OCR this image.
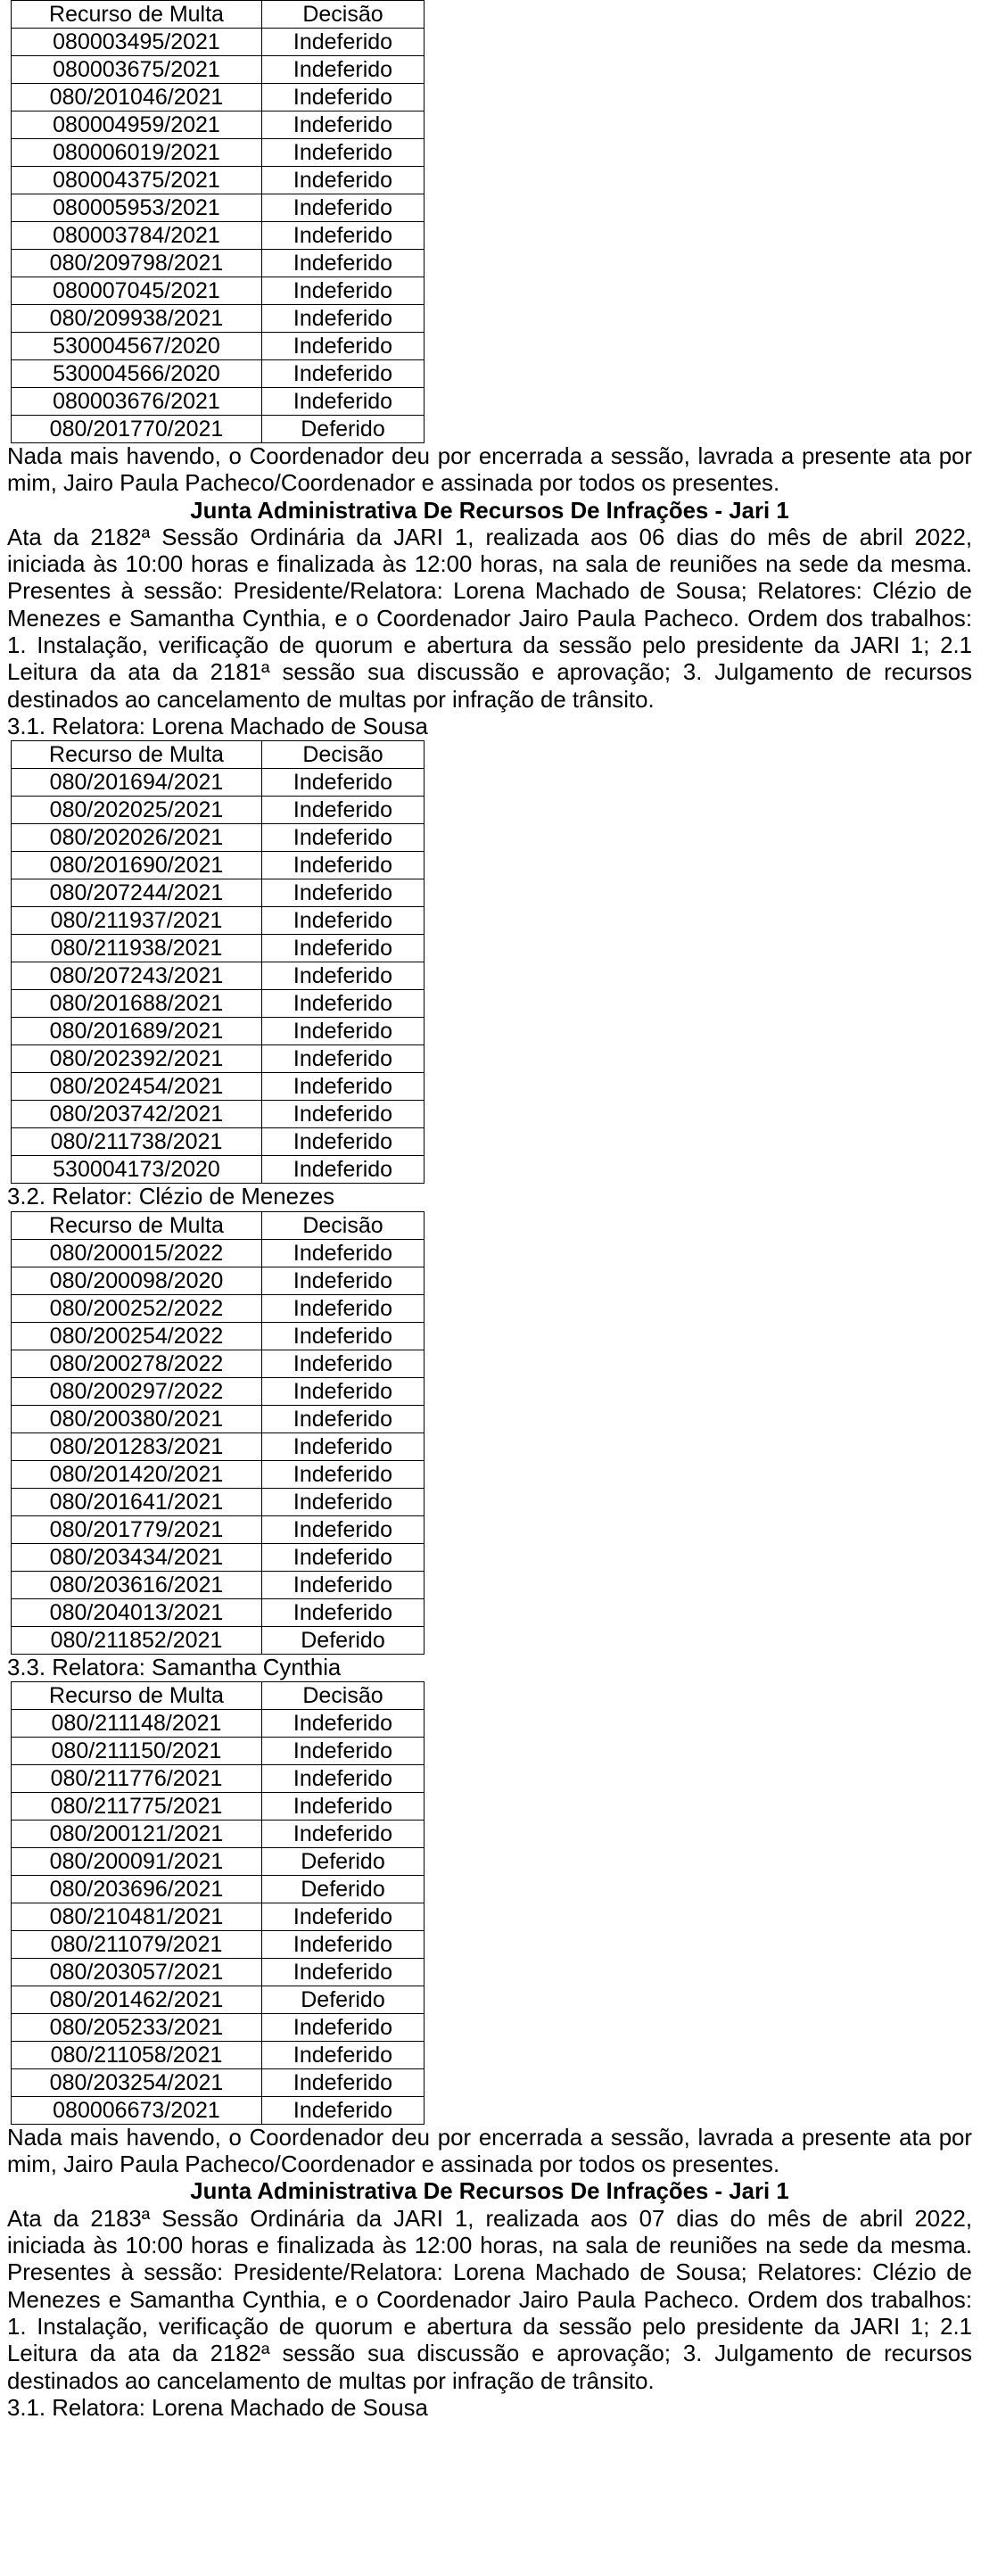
Recurso de Multa	Decisão
080003495/2021	Indeferido
080003675/2021	Indeferido
080/201046/2021	Indeferido
080004959/2021	Indeferido
080006019/2021	Indeferido
080004375/2021	Indeferido
080005953/2021	Indeferido
080003784/2021	Indeferido
080/209798/2021	Indeferido
080007045/2021	Indeferido
080/209938/2021	Indeferido
530004567/2020	Indeferido
530004566/2020	Indeferido
080003676/2021	Indeferido
080/201770/2021	Deferido

Nada mais havendo, o Coordenador deu por encerrada a sessão, lavrada a presente ata por mim, Jairo Paula Pacheco/Coordenador e assinada por todos os presentes.

Junta Administrativa De Recursos De Infrações - Jari 1

Ata da 2182ª Sessão Ordinária da JARI 1, realizada aos 06 dias do mês de abril 2022, iniciada às 10:00 horas e finalizada às 12:00 horas, na sala de reuniões na sede da mesma. Presentes à sessão: Presidente/Relatora: Lorena Machado de Sousa; Relatores: Clézio de Menezes e Samantha Cynthia, e o Coordenador Jairo Paula Pacheco. Ordem dos trabalhos: 1. Instalação, verificação de quorum e abertura da sessão pelo presidente da JARI 1; 2.1 Leitura da ata da 2181ª sessão sua discussão e aprovação; 3. Julgamento de recursos destinados ao cancelamento de multas por infração de trânsito.

3.1. Relatora: Lorena Machado de Sousa
Recurso de Multa	Decisão
080/201694/2021	Indeferido
080/202025/2021	Indeferido
080/202026/2021	Indeferido
080/201690/2021	Indeferido
080/207244/2021	Indeferido
080/211937/2021	Indeferido
080/211938/2021	Indeferido
080/207243/2021	Indeferido
080/201688/2021	Indeferido
080/201689/2021	Indeferido
080/202392/2021	Indeferido
080/202454/2021	Indeferido
080/203742/2021	Indeferido
080/211738/2021	Indeferido
530004173/2020	Indeferido
3.2. Relator: Clézio de Menezes
Recurso de Multa	Decisão
080/200015/2022	Indeferido
080/200098/2020	Indeferido
080/200252/2022	Indeferido
080/200254/2022	Indeferido
080/200278/2022	Indeferido
080/200297/2022	Indeferido
080/200380/2021	Indeferido
080/201283/2021	Indeferido
080/201420/2021	Indeferido
080/201641/2021	Indeferido
080/201779/2021	Indeferido
080/203434/2021	Indeferido
080/203616/2021	Indeferido
080/204013/2021	Indeferido
080/211852/2021	Deferido
3.3. Relatora: Samantha Cynthia
Recurso de Multa	Decisão
080/211148/2021	Indeferido
080/211150/2021	Indeferido
080/211776/2021	Indeferido
080/211775/2021	Indeferido
080/200121/2021	Indeferido
080/200091/2021	Deferido
080/203696/2021	Deferido
080/210481/2021	Indeferido
080/211079/2021	Indeferido
080/203057/2021	Indeferido
080/201462/2021	Deferido
080/205233/2021	Indeferido
080/211058/2021	Indeferido
080/203254/2021	Indeferido
080006673/2021	Indeferido

Nada mais havendo, o Coordenador deu por encerrada a sessão, lavrada a presente ata por mim, Jairo Paula Pacheco/Coordenador e assinada por todos os presentes.

Junta Administrativa De Recursos De Infrações - Jari 1

Ata da 2183ª Sessão Ordinária da JARI 1, realizada aos 07 dias do mês de abril 2022, iniciada às 10:00 horas e finalizada às 12:00 horas, na sala de reuniões na sede da mesma. Presentes à sessão: Presidente/Relatora: Lorena Machado de Sousa; Relatores: Clézio de Menezes e Samantha Cynthia, e o Coordenador Jairo Paula Pacheco. Ordem dos trabalhos: 1. Instalação, verificação de quorum e abertura da sessão pelo presidente da JARI 1; 2.1 Leitura da ata da 2182ª sessão sua discussão e aprovação; 3. Julgamento de recursos destinados ao cancelamento de multas por infração de trânsito.

3.1. Relatora: Lorena Machado de Sousa
